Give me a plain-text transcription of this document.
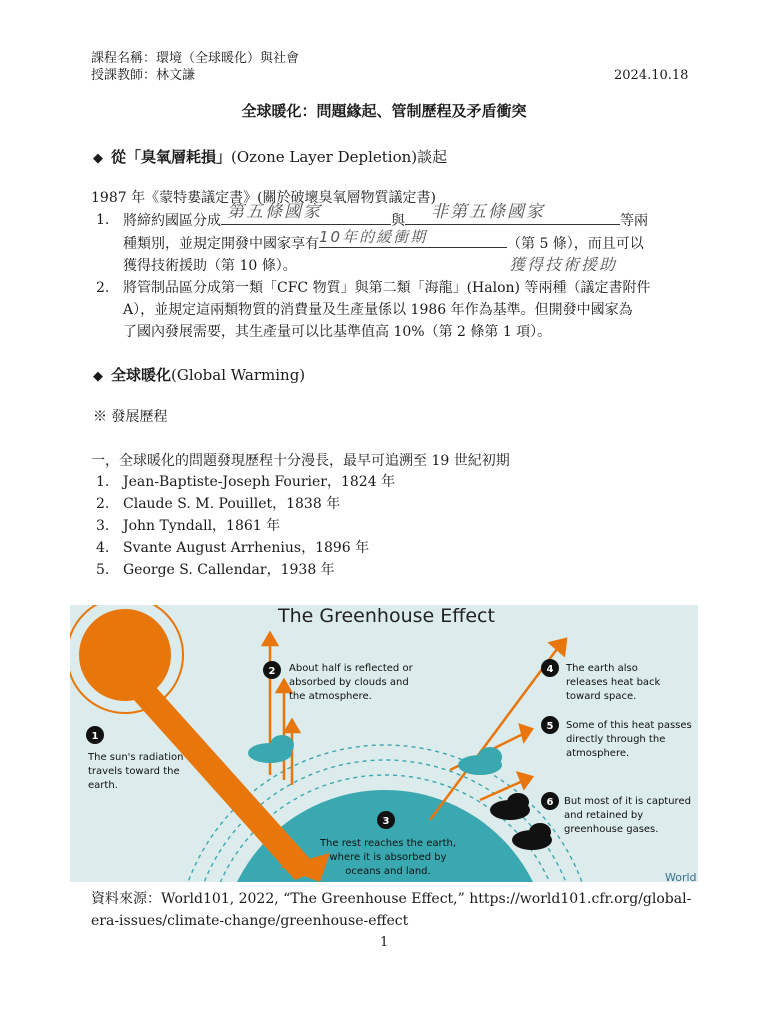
課程名稱：環境（全球暖化）與社會
授課教師：林文謙	2024.10.18
全球暖化：問題緣起、管制歷程及矛盾衝突
◆ 從「臭氧層耗損」(Ozone Layer Depletion)談起
1987 年《蒙特婁議定書》(關於破壞臭氧層物質議定書)
1. 將締約國區分成 第五條國家	與 非第五條國家	等兩
種類別，並規定開發中國家享有 10年的緩衝期	（第 5 條），而且可以
獲得技術援助（第 10 條）。	獲得技術援助
2. 將管制品區分成第一類「CFC 物質」與第二類「海龍」(Halon) 等兩種（議定書附件
A），並規定這兩類物質的消費量及生產量係以 1986 年作為基準。但開發中國家為
了國內發展需要，其生產量可以比基準值高 10%（第 2 條第 1 項）。
◆ 全球暖化(Global Warming)
※ 發展歷程
一，全球暖化的問題發現歷程十分漫長，最早可追溯至 19 世紀初期
1. Jean-Baptiste-Joseph Fourier，1824 年
2. Claude S. M. Pouillet，1838 年
3. John Tyndall，1861 年
4. Svante August Arrhenius，1896 年
5. George S. Callendar，1938 年
1
2
3
4
5
6
The Greenhouse Effect
The sun's radiation travels toward the earth.
About half is reflected or absorbed by clouds and the atmosphere.
The rest reaches the earth, where it is absorbed by oceans and land.
The earth also releases heat back toward space.
Some of this heat passes directly through the atmosphere.
But most of it is captured and retained by greenhouse gases.
World
資料來源：World101, 2022, “The Greenhouse Effect,” https://world101.cfr.org/global-
era-issues/climate-change/greenhouse-effect
1
